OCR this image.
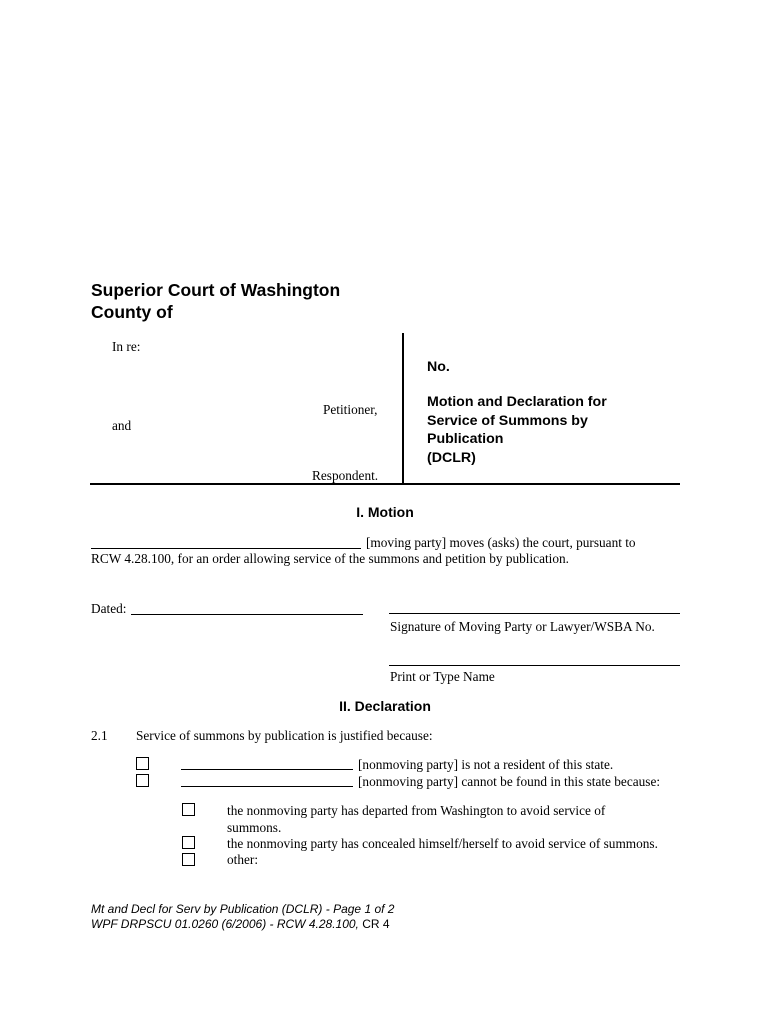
Superior Court of Washington
County of
In re:
Petitioner,
and
Respondent.
No.
Motion and Declaration for
Service of Summons by
Publication
(DCLR)
I. Motion
[moving party] moves (asks) the court, pursuant to
RCW 4.28.100, for an order allowing service of the summons and petition by publication.
Dated:
Signature of Moving Party or Lawyer/WSBA No.
Print or Type Name
II. Declaration
2.1 Service of summons by publication is justified because:
[nonmoving party] is not a resident of this state.
[nonmoving party] cannot be found in this state because:
the nonmoving party has departed from Washington to avoid service of
summons.
the nonmoving party has concealed himself/herself to avoid service of summons.
other:
Mt and Decl for Serv by Publication (DCLR) - Page 1 of 2
WPF DRPSCU 01.0260 (6/2006) - RCW 4.28.100, CR 4
